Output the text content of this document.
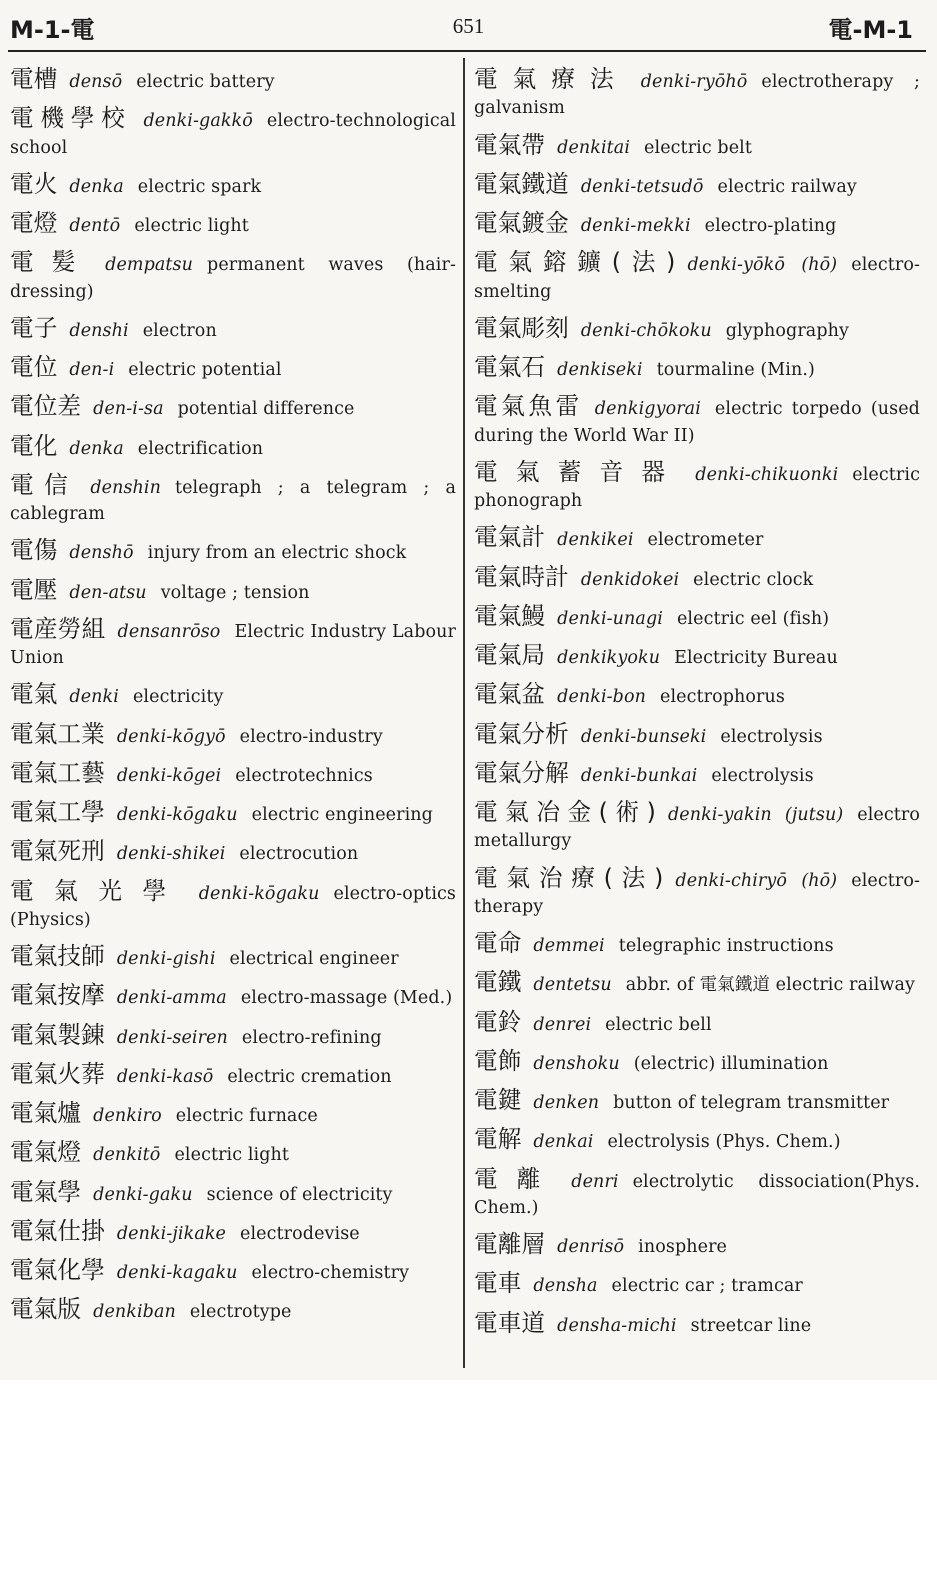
M-1-電	651	電-M-1
電槽 densō electric battery
電機學校 denki-gakkō electro-technological school
電火 denka electric spark
電燈 dentō electric light
電髪 dempatsu permanent waves (hair-dressing)
電子 denshi electron
電位 den-i electric potential
電位差 den-i-sa potential difference
電化 denka electrification
電信 denshin telegraph ; a telegram ; a cablegram
電傷 denshō injury from an electric shock
電壓 den-atsu voltage ; tension
電産勞組 densanrōso Electric Industry Labour Union
電氣 denki electricity
電氣工業 denki-kōgyō electro-industry
電氣工藝 denki-kōgei electrotechnics
電氣工學 denki-kōgaku electric engineering
電氣死刑 denki-shikei electrocution
電氣光學 denki-kōgaku electro-optics (Physics)
電氣技師 denki-gishi electrical engineer
電氣按摩 denki-amma electro-massage (Med.)
電氣製錬 denki-seiren electro-refining
電氣火葬 denki-kasō electric cremation
電氣爐 denkiro electric furnace
電氣燈 denkitō electric light
電氣學 denki-gaku science of electricity
電氣仕掛 denki-jikake electrodevise
電氣化學 denki-kagaku electro-chemistry
電氣版 denkiban electrotype
電氣療法 denki-ryōhō electrotherapy ; galvanism
電氣帶 denkitai electric belt
電氣鐵道 denki-tetsudō electric railway
電氣鍍金 denki-mekki electro-plating
電氣鎔鑛(法) denki-yōkō (hō) electro-smelting
電氣彫刻 denki-chōkoku glyphography
電氣石 denkiseki tourmaline (Min.)
電氣魚雷 denkigyorai electric torpedo (used during the World War II)
電氣蓄音器 denki-chikuonki electric phonograph
電氣計 denkikei electrometer
電氣時計 denkidokei electric clock
電氣鰻 denki-unagi electric eel (fish)
電氣局 denkikyoku Electricity Bureau
電氣盆 denki-bon electrophorus
電氣分析 denki-bunseki electrolysis
電氣分解 denki-bunkai electrolysis
電氣冶金(術) denki-yakin (jutsu) electro metallurgy
電氣治療(法) denki-chiryō (hō) electro-therapy
電命 demmei telegraphic instructions
電鐵 dentetsu abbr. of 電氣鐵道 electric railway
電鈴 denrei electric bell
電飾 denshoku (electric) illumination
電鍵 denken button of telegram transmitter
電解 denkai electrolysis (Phys. Chem.)
電離 denri electrolytic dissociation(Phys. Chem.)
電離層 denrisō inosphere
電車 densha electric car ; tramcar
電車道 densha-michi streetcar line
